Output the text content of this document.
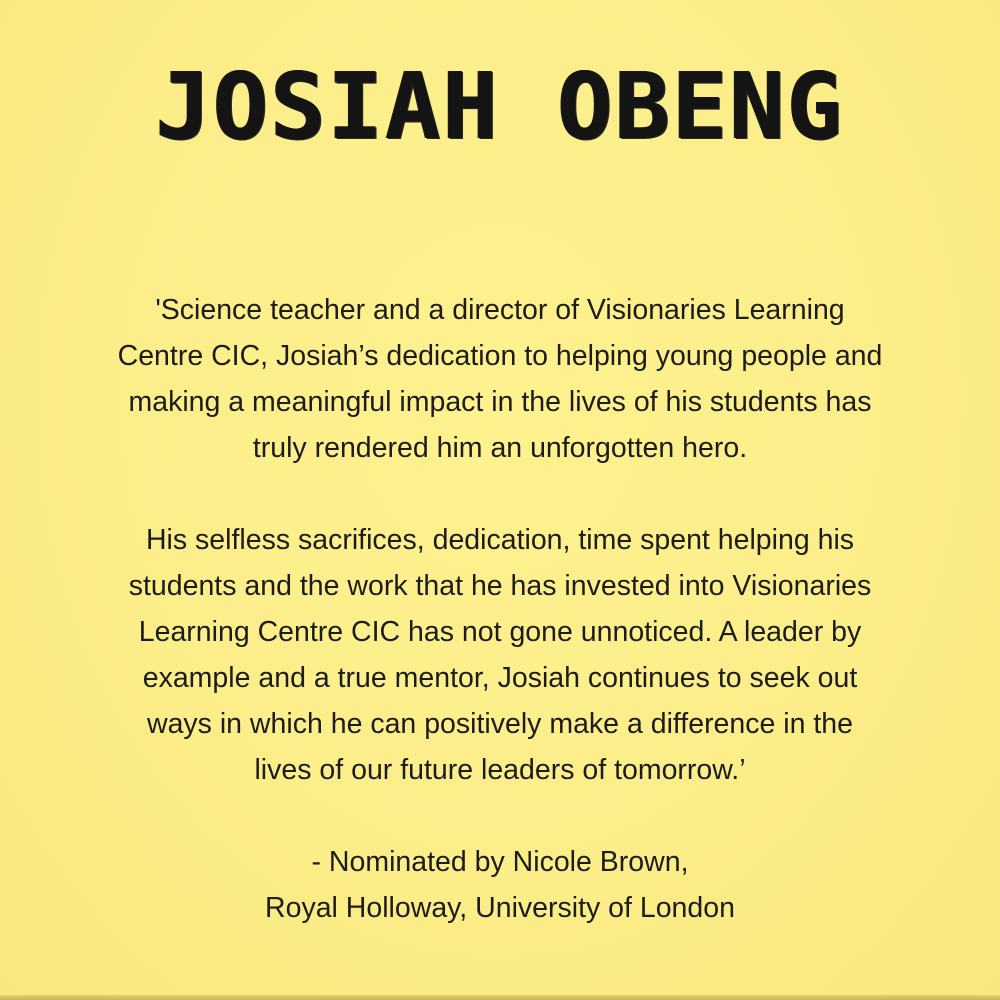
JOSIAH OBENG

'Science teacher and a director of Visionaries Learning
Centre CIC, Josiah’s dedication to helping young people and
making a meaningful impact in the lives of his students has
truly rendered him an unforgotten hero.

His selfless sacrifices, dedication, time spent helping his
students and the work that he has invested into Visionaries
Learning Centre CIC has not gone unnoticed. A leader by
example and a true mentor, Josiah continues to seek out
ways in which he can positively make a difference in the
lives of our future leaders of tomorrow.’

- Nominated by Nicole Brown,
Royal Holloway, University of London
